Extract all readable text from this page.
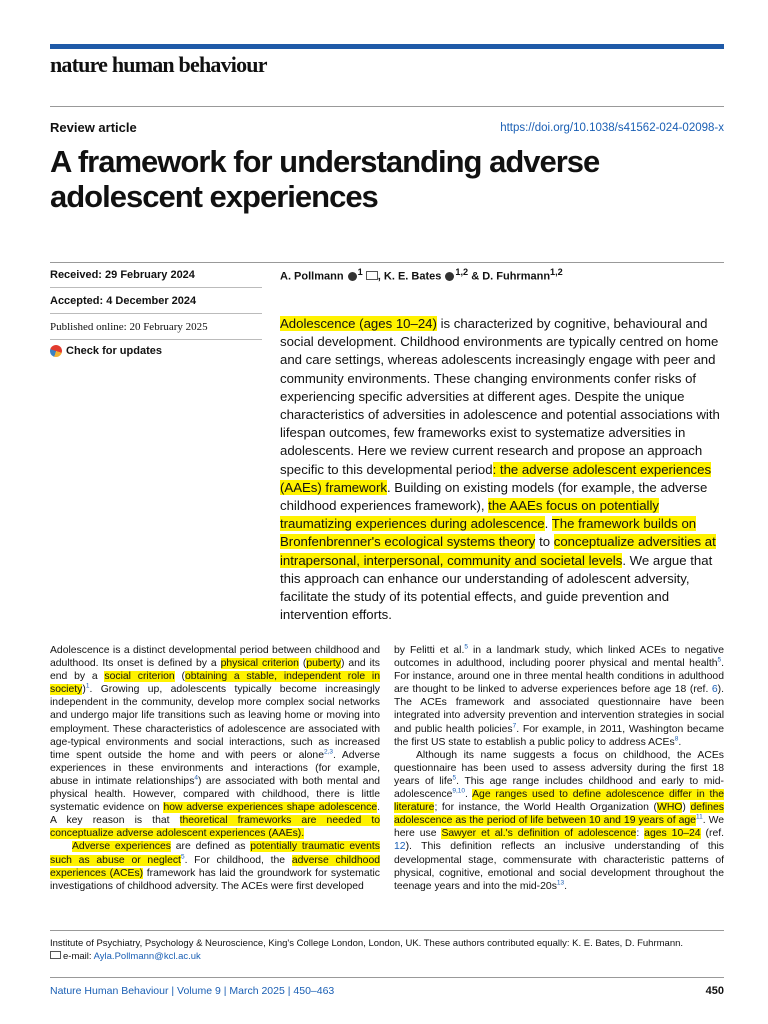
nature human behaviour
Review article	https://doi.org/10.1038/s41562-024-02098-x
A framework for understanding adverse
adolescent experiences
Received: 29 February 2024
Accepted: 4 December 2024
Published online: 20 February 2025
Check for updates
A. Pollmann $^1$ , K. E. Bates $^{1,2}$ & D. Fuhrmann$^{1,2}$

Adolescence (ages 10–24) is characterized by cognitive, behavioural and social development. Childhood environments are typically centred on home and care settings, whereas adolescents increasingly engage with peer and community environments. These changing environments confer risks of experiencing specific adversities at different ages. Despite the unique characteristics of adversities in adolescence and potential associations with lifespan outcomes, few frameworks exist to systematize adversities in adolescents. Here we review current research and propose an approach specific to this developmental period: the adverse adolescent experiences (AAEs) framework. Building on existing models (for example, the adverse childhood experiences framework), the AAEs focus on potentially traumatizing experiences during adolescence. The framework builds on Bronfenbrenner's ecological systems theory to conceptualize adversities at intrapersonal, interpersonal, community and societal levels. We argue that this approach can enhance our understanding of adolescent adversity, facilitate the study of its potential effects, and guide prevention and intervention efforts.

Adolescence is a distinct developmental period between childhood and adulthood. Its onset is defined by a physical criterion (puberty) and its end by a social criterion (obtaining a stable, independent role in society)$^1$. Growing up, adolescents typically become increasingly independent in the community, develop more complex social networks and undergo major life transitions such as leaving home or moving into employment. These characteristics of adolescence are associated with age-typical environments and social interactions, such as increased time spent outside the home and with peers or alone$^{2,3}$. Adverse experiences in these environments and interactions (for example, abuse in intimate relationships$^4$) are associated with both mental and physical health. However, compared with childhood, there is little systematic evidence on how adverse experiences shape adolescence. A key reason is that theoretical frameworks are needed to conceptualize adverse adolescent experiences (AAEs).

Adverse experiences are defined as potentially traumatic events such as abuse or neglect$^5$. For childhood, the adverse childhood experiences (ACEs) framework has laid the groundwork for systematic investigations of childhood adversity. The ACEs were first developed

by Felitti et al.$^5$ in a landmark study, which linked ACEs to negative outcomes in adulthood, including poorer physical and mental health$^5$. For instance, around one in three mental health conditions in adulthood are thought to be linked to adverse experiences before age 18 (ref. 6). The ACEs framework and associated questionnaire have been integrated into adversity prevention and intervention strategies in social and public health policies$^7$. For example, in 2011, Washington became the first US state to establish a public policy to address ACEs$^8$.

Although its name suggests a focus on childhood, the ACEs questionnaire has been used to assess adversity during the first 18 years of life$^5$. This age range includes childhood and early to mid-adolescence$^{9,10}$. Age ranges used to define adolescence differ in the literature; for instance, the World Health Organization (WHO) defines adolescence as the period of life between 10 and 19 years of age$^{11}$. We here use Sawyer et al.'s definition of adolescence: ages 10–24 (ref. 12). This definition reflects an inclusive understanding of this developmental stage, commensurate with characteristic patterns of physical, cognitive, emotional and social development throughout the teenage years and into the mid-$20s^{13}$.

Institute of Psychiatry, Psychology & Neuroscience, King's College London, London, UK. These authors contributed equally: K. E. Bates, D. Fuhrmann.
e-mail: Ayla.Pollmann@kcl.ac.uk

Nature Human Behaviour | Volume 9 | March 2025 | 450–463	450
